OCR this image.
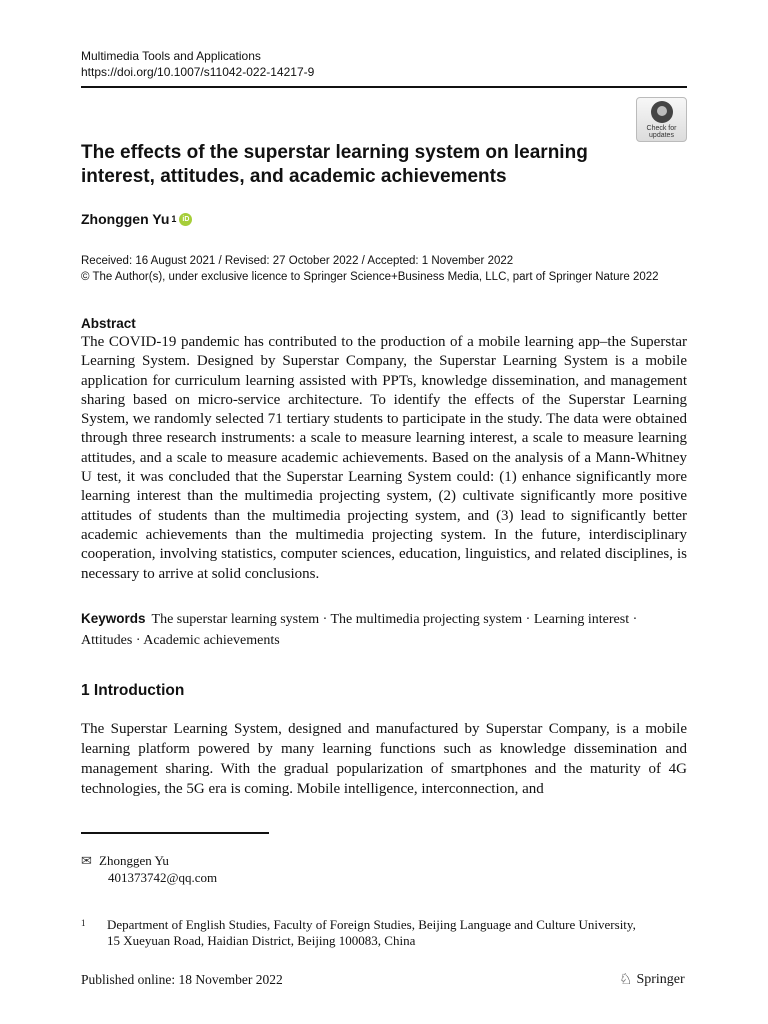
Multimedia Tools and Applications
https://doi.org/10.1007/s11042-022-14217-9
Check for
updates
The effects of the superstar learning system on learning interest, attitudes, and academic achievements
Zhonggen Yu 1 iD
Received: 16 August 2021 / Revised: 27 October 2022 / Accepted: 1 November 2022
© The Author(s), under exclusive licence to Springer Science+Business Media, LLC, part of Springer Nature 2022
Abstract

The COVID-19 pandemic has contributed to the production of a mobile learning app–the Superstar Learning System. Designed by Superstar Company, the Superstar Learning System is a mobile application for curriculum learning assisted with PPTs, knowledge dissemination, and management sharing based on micro-service architecture. To identify the effects of the Superstar Learning System, we randomly selected 71 tertiary students to participate in the study. The data were obtained through three research instruments: a scale to measure learning interest, a scale to measure learning attitudes, and a scale to measure academic achievements. Based on the analysis of a Mann-Whitney U test, it was concluded that the Superstar Learning System could: (1) enhance significantly more learning interest than the multimedia projecting system, (2) cultivate significantly more positive attitudes of students than the multimedia projecting system, and (3) lead to significantly better academic achievements than the multimedia projecting system. In the future, interdisciplinary cooperation, involving statistics, computer sciences, education, linguistics, and related disciplines, is necessary to arrive at solid conclusions.

Keywords The superstar learning system · The multimedia projecting system · Learning interest · Attitudes · Academic achievements
1 Introduction

The Superstar Learning System, designed and manufactured by Superstar Company, is a mobile learning platform powered by many learning functions such as knowledge dissemination and management sharing. With the gradual popularization of smartphones and the maturity of 4G technologies, the 5G era is coming. Mobile intelligence, interconnection, and

✉ Zhonggen Yu
401373742@qq.com
1	Department of English Studies, Faculty of Foreign Studies, Beijing Language and Culture University,
15 Xueyuan Road, Haidian District, Beijing 100083, China
Published online: 18 November 2022	♘ Springer
